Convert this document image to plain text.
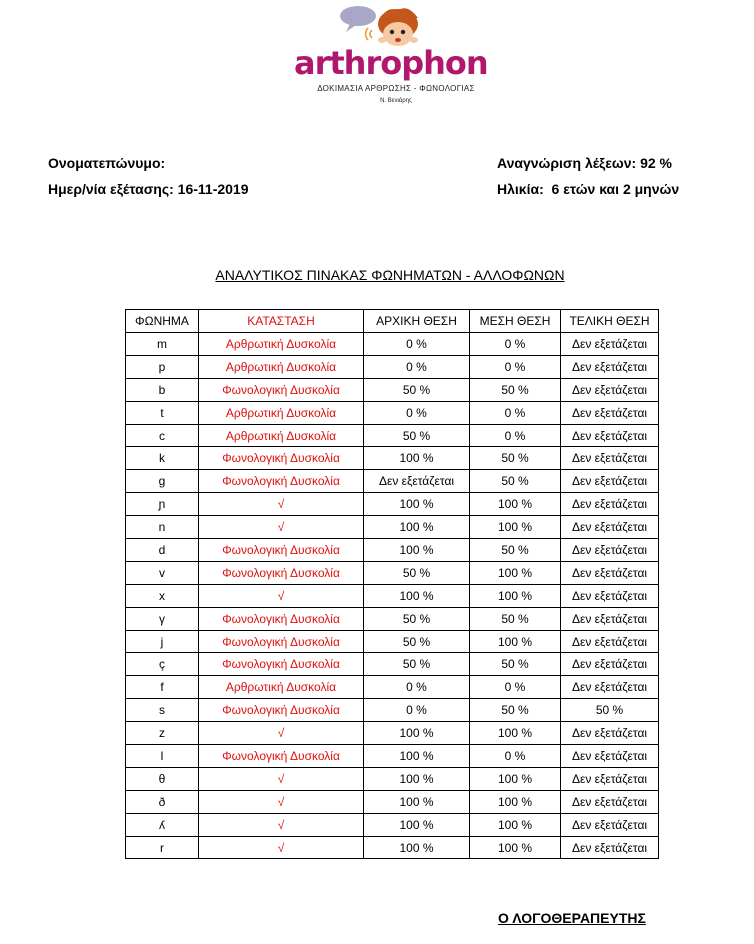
arthrophon
ΔΟΚΙΜΑΣΙΑ ΑΡΘΡΩΣΗΣ - ΦΩΝΟΛΟΓΙΑΣ
Ν. Βενιάρης
Ονοματεπώνυμο:
Ημερ/νία εξέτασης: 16-11-2019
Αναγνώριση λέξεων: 92 %
Ηλικία:  6 ετών και 2 μηνών
ΑΝΑΛΥΤΙΚΟΣ ΠΙΝΑΚΑΣ ΦΩΝΗΜΑΤΩΝ - ΑΛΛΟΦΩΝΩΝ
ΦΩΝΗΜΑ	ΚΑΤΑΣΤΑΣΗ	ΑΡΧΙΚΗ ΘΕΣΗ	ΜΕΣΗ ΘΕΣΗ	ΤΕΛΙΚΗ ΘΕΣΗ
m	Αρθρωτική Δυσκολία	0 %	0 %	Δεν εξετάζεται
p	Αρθρωτική Δυσκολία	0 %	0 %	Δεν εξετάζεται
b	Φωνολογική Δυσκολία	50 %	50 %	Δεν εξετάζεται
t	Αρθρωτική Δυσκολία	0 %	0 %	Δεν εξετάζεται
c	Αρθρωτική Δυσκολία	50 %	0 %	Δεν εξετάζεται
k	Φωνολογική Δυσκολία	100 %	50 %	Δεν εξετάζεται
g	Φωνολογική Δυσκολία	Δεν εξετάζεται	50 %	Δεν εξετάζεται
ɲ	√	100 %	100 %	Δεν εξετάζεται
n	√	100 %	100 %	Δεν εξετάζεται
d	Φωνολογική Δυσκολία	100 %	50 %	Δεν εξετάζεται
v	Φωνολογική Δυσκολία	50 %	100 %	Δεν εξετάζεται
x	√	100 %	100 %	Δεν εξετάζεται
γ	Φωνολογική Δυσκολία	50 %	50 %	Δεν εξετάζεται
j	Φωνολογική Δυσκολία	50 %	100 %	Δεν εξετάζεται
ç	Φωνολογική Δυσκολία	50 %	50 %	Δεν εξετάζεται
f	Αρθρωτική Δυσκολία	0 %	0 %	Δεν εξετάζεται
s	Φωνολογική Δυσκολία	0 %	50 %	50 %
z	√	100 %	100 %	Δεν εξετάζεται
l	Φωνολογική Δυσκολία	100 %	0 %	Δεν εξετάζεται
θ	√	100 %	100 %	Δεν εξετάζεται
ð	√	100 %	100 %	Δεν εξετάζεται
ʎ	√	100 %	100 %	Δεν εξετάζεται
r	√	100 %	100 %	Δεν εξετάζεται
Ο ΛΟΓΟΘΕΡΑΠΕΥΤΗΣ
